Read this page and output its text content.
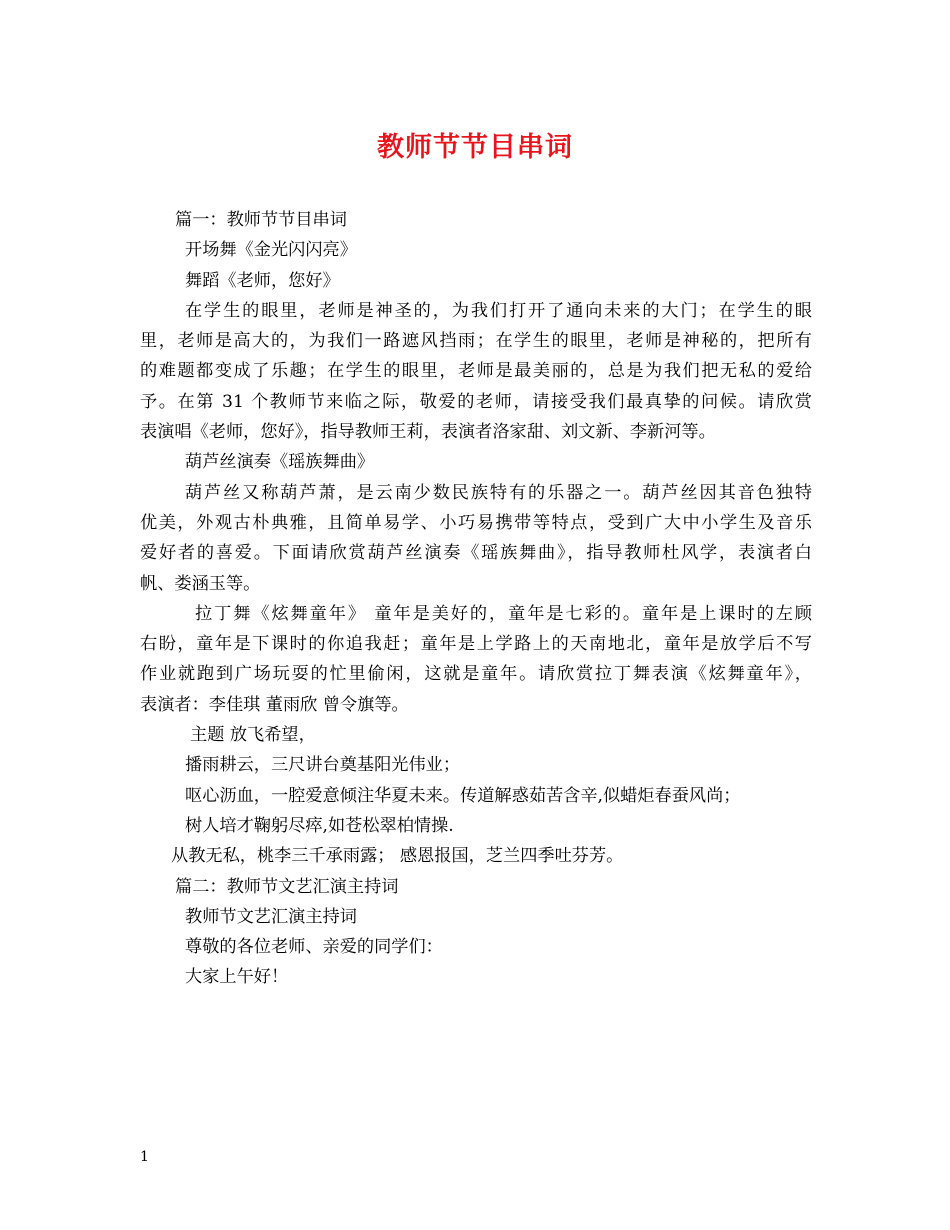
教师节节目串词
篇一：教师节节目串词
开场舞《金光闪闪亮》
舞蹈《老师，您好》
在学生的眼里，老师是神圣的，为我们打开了通向未来的大门；在学生的眼
里，老师是高大的，为我们一路遮风挡雨；在学生的眼里，老师是神秘的，把所有
的难题都变成了乐趣；在学生的眼里，老师是最美丽的，总是为我们把无私的爱给
予。在第 31 个教师节来临之际，敬爱的老师，请接受我们最真挚的问候。请欣赏
表演唱《老师，您好》，指导教师王莉，表演者洛家甜、刘文新、李新河等。
葫芦丝演奏《瑶族舞曲》
葫芦丝又称葫芦萧，是云南少数民族特有的乐器之一。葫芦丝因其音色独特
优美，外观古朴典雅，且简单易学、小巧易携带等特点，受到广大中小学生及音乐
爱好者的喜爱。下面请欣赏葫芦丝演奏《瑶族舞曲》，指导教师杜风学，表演者白
帆、娄涵玉等。
拉丁舞《炫舞童年》 童年是美好的，童年是七彩的。童年是上课时的左顾
右盼，童年是下课时的你追我赶；童年是上学路上的天南地北，童年是放学后不写
作业就跑到广场玩耍的忙里偷闲，这就是童年。请欣赏拉丁舞表演《炫舞童年》，
表演者：李佳琪 董雨欣 曾令旗等。
主题 放飞希望，
播雨耕云，三尺讲台奠基阳光伟业；
呕心沥血，一腔爱意倾注华夏未来。传道解惑茹苦含辛,似蜡炬春蚕风尚；
树人培才鞠躬尽瘁,如苍松翠柏情操.
从教无私，桃李三千承雨露； 感恩报国，芝兰四季吐芬芳。
篇二：教师节文艺汇演主持词
教师节文艺汇演主持词
尊敬的各位老师、亲爱的同学们：
大家上午好！
1
